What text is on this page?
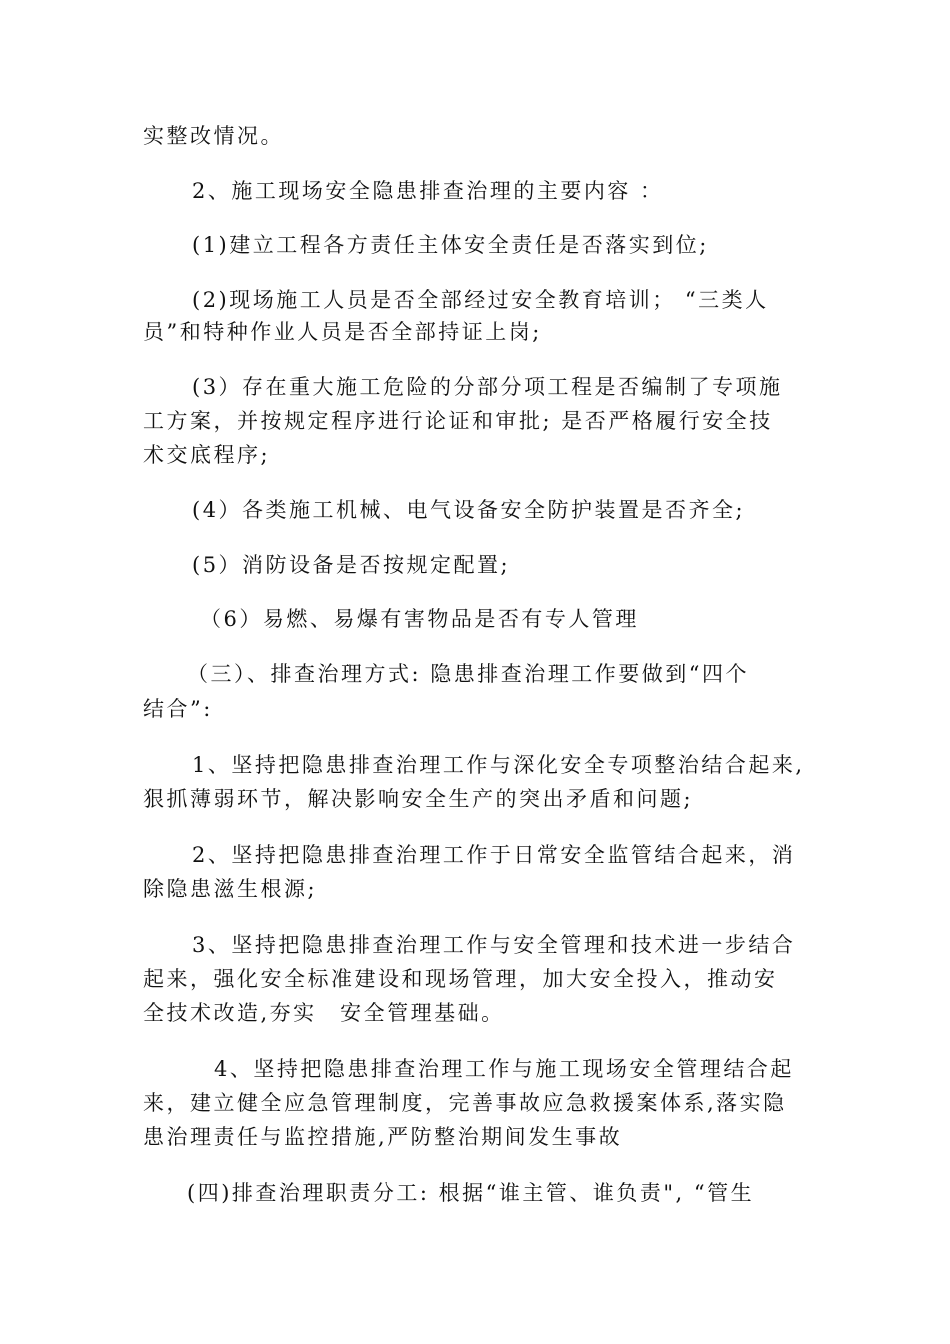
实整改情况。
2、施工现场安全隐患排查治理的主要内容 ：
(1)建立工程各方责任主体安全责任是否落实到位;
(2)现场施工人员是否全部经过安全教育培训； “三类人
员”和特种作业人员是否全部持证上岗;
(3）存在重大施工危险的分部分项工程是否编制了专项施
工方案，并按规定程序进行论证和审批; 是否严格履行安全技
术交底程序;
(4）各类施工机械、电气设备安全防护装置是否齐全;
(5）消防设备是否按规定配置;
（6）易燃、易爆有害物品是否有专人管理
（三）、排查治理方式: 隐患排查治理工作要做到“四个
结合”:
1、坚持把隐患排查治理工作与深化安全专项整治结合起来,
狠抓薄弱环节，解决影响安全生产的突出矛盾和问题;
2、坚持把隐患排查治理工作于日常安全监管结合起来，消
除隐患滋生根源;
3、坚持把隐患排查治理工作与安全管理和技术进一步结合
起来，强化安全标准建设和现场管理，加大安全投入，推动安
全技术改造,夯实　安全管理基础。
4、坚持把隐患排查治理工作与施工现场安全管理结合起
来，建立健全应急管理制度，完善事故应急救援案体系,落实隐
患治理责任与监控措施,严防整治期间发生事故
(四)排查治理职责分工: 根据“谁主管、谁负责", “管生
